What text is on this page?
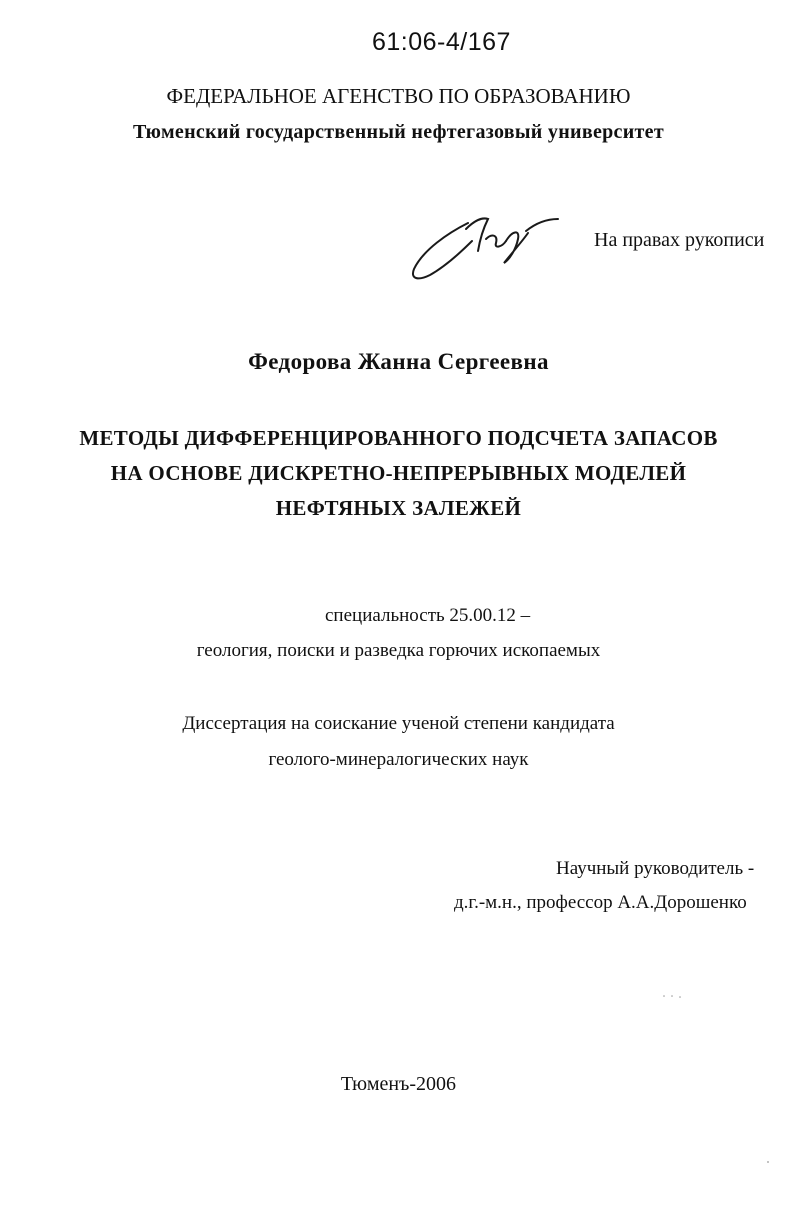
61:06-4/167
ФЕДЕРАЛЬНОЕ АГЕНСТВО ПО ОБРАЗОВАНИЮ
Тюменский государственный нефтегазовый университет
На правах рукописи
Федорова Жанна Сергеевна
МЕТОДЫ ДИФФЕРЕНЦИРОВАННОГО ПОДСЧЕТА ЗАПАСОВ
НА ОСНОВЕ ДИСКРЕТНО-НЕПРЕРЫВНЫХ МОДЕЛЕЙ
НЕФТЯНЫХ ЗАЛЕЖЕЙ
специальность 25.00.12 –
геология, поиски и разведка горючих ископаемых
Диссертация на соискание ученой степени кандидата
геолого-минералогических наук
Научный руководитель -
д.г.-м.н., профессор А.А.Дорошенко
Тюменъ-2006
